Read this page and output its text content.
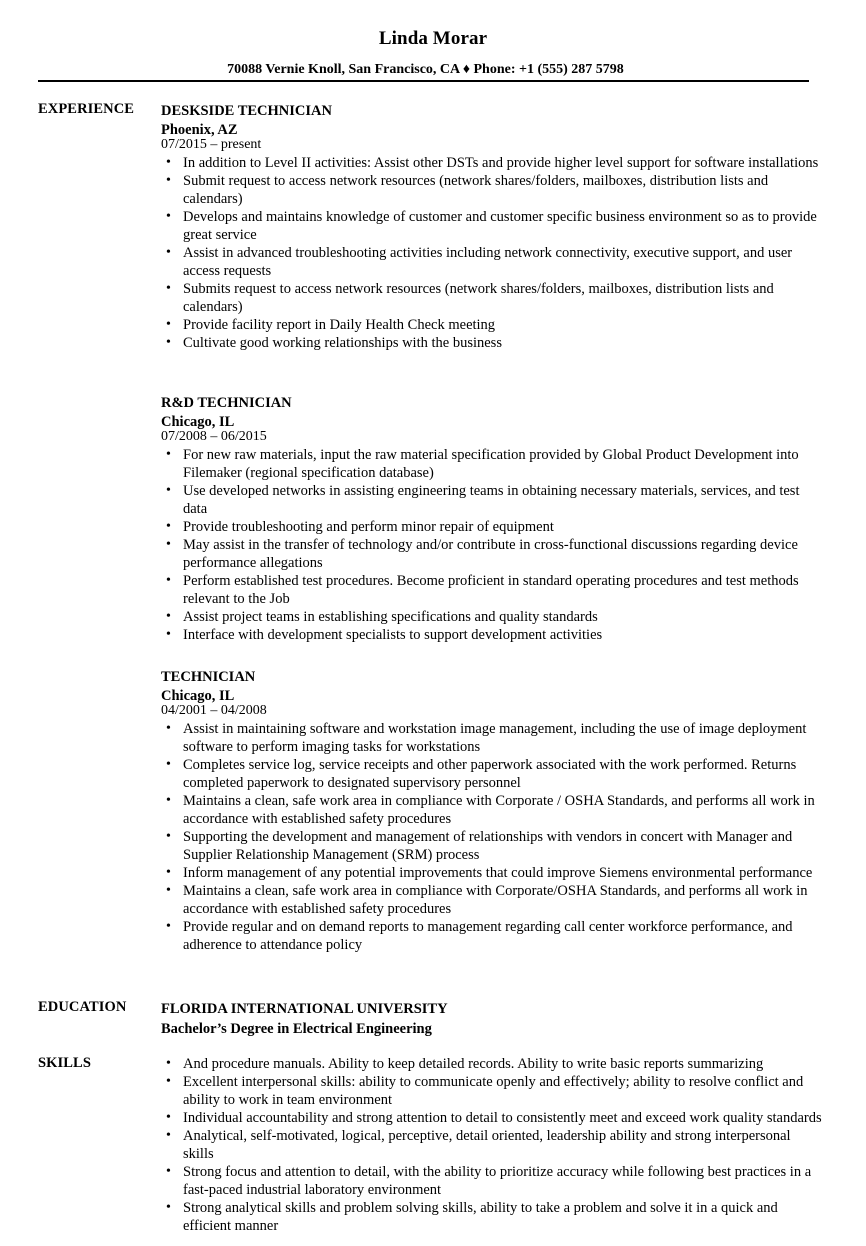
Linda Morar
70088 Vernie Knoll, San Francisco, CA ♦ Phone: +1 (555) 287 5798
EXPERIENCE DESKSIDE TECHNICIAN
Phoenix, AZ
07/2015 – present
• In addition to Level II activities: Assist other DSTs and provide higher level support for software installations
• Submit request to access network resources (network shares/folders, mailboxes, distribution lists and calendars)
• Develops and maintains knowledge of customer and customer specific business environment so as to provide great service
• Assist in advanced troubleshooting activities including network connectivity, executive support, and user access requests
• Submits request to access network resources (network shares/folders, mailboxes, distribution lists and calendars)
• Provide facility report in Daily Health Check meeting
• Cultivate good working relationships with the business
R&D TECHNICIAN
Chicago, IL
07/2008 – 06/2015
• For new raw materials, input the raw material specification provided by Global Product Development into Filemaker (regional specification database)
• Use developed networks in assisting engineering teams in obtaining necessary materials, services, and test data
• Provide troubleshooting and perform minor repair of equipment
• May assist in the transfer of technology and/or contribute in cross-functional discussions regarding device performance allegations
• Perform established test procedures. Become proficient in standard operating procedures and test methods relevant to the Job
• Assist project teams in establishing specifications and quality standards
• Interface with development specialists to support development activities
TECHNICIAN
Chicago, IL
04/2001 – 04/2008
• Assist in maintaining software and workstation image management, including the use of image deployment software to perform imaging tasks for workstations
• Completes service log, service receipts and other paperwork associated with the work performed. Returns completed paperwork to designated supervisory personnel
• Maintains a clean, safe work area in compliance with Corporate / OSHA Standards, and performs all work in accordance with established safety procedures
• Supporting the development and management of relationships with vendors in concert with Manager and Supplier Relationship Management (SRM) process
• Inform management of any potential improvements that could improve Siemens environmental performance
• Maintains a clean, safe work area in compliance with Corporate/OSHA Standards, and performs all work in accordance with established safety procedures
• Provide regular and on demand reports to management regarding call center workforce performance, and adherence to attendance policy
EDUCATION FLORIDA INTERNATIONAL UNIVERSITY
Bachelor’s Degree in Electrical Engineering
SKILLS
•	And procedure manuals. Ability to keep detailed records. Ability to write basic reports summarizing
• Excellent interpersonal skills: ability to communicate openly and effectively; ability to resolve conflict and ability to work in team environment
• Individual accountability and strong attention to detail to consistently meet and exceed work quality standards
• Analytical, self-motivated, logical, perceptive, detail oriented, leadership ability and strong interpersonal skills
• Strong focus and attention to detail, with the ability to prioritize accuracy while following best practices in a fast-paced industrial laboratory environment
• Strong analytical skills and problem solving skills, ability to take a problem and solve it in a quick and efficient manner
